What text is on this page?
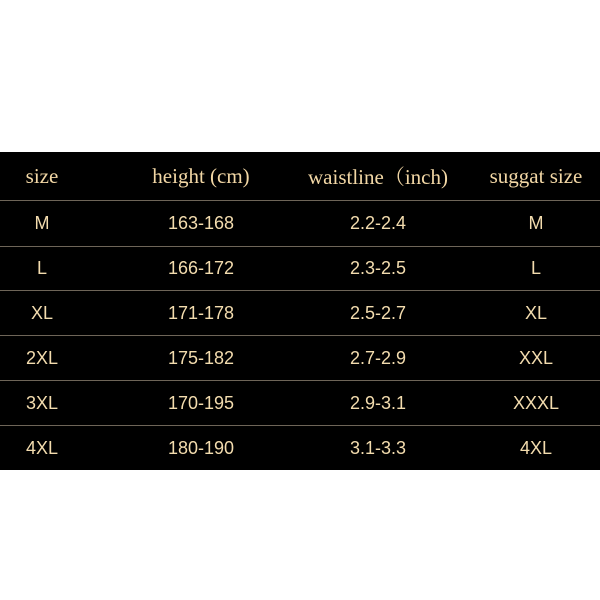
size	height (cm)	waistline（inch)	suggat size
M	163-168	2.2-2.4	M
L	166-172	2.3-2.5	L
XL	171-178	2.5-2.7	XL
2XL	175-182	2.7-2.9	XXL
3XL	170-195	2.9-3.1	XXXL
4XL	180-190	3.1-3.3	4XL
